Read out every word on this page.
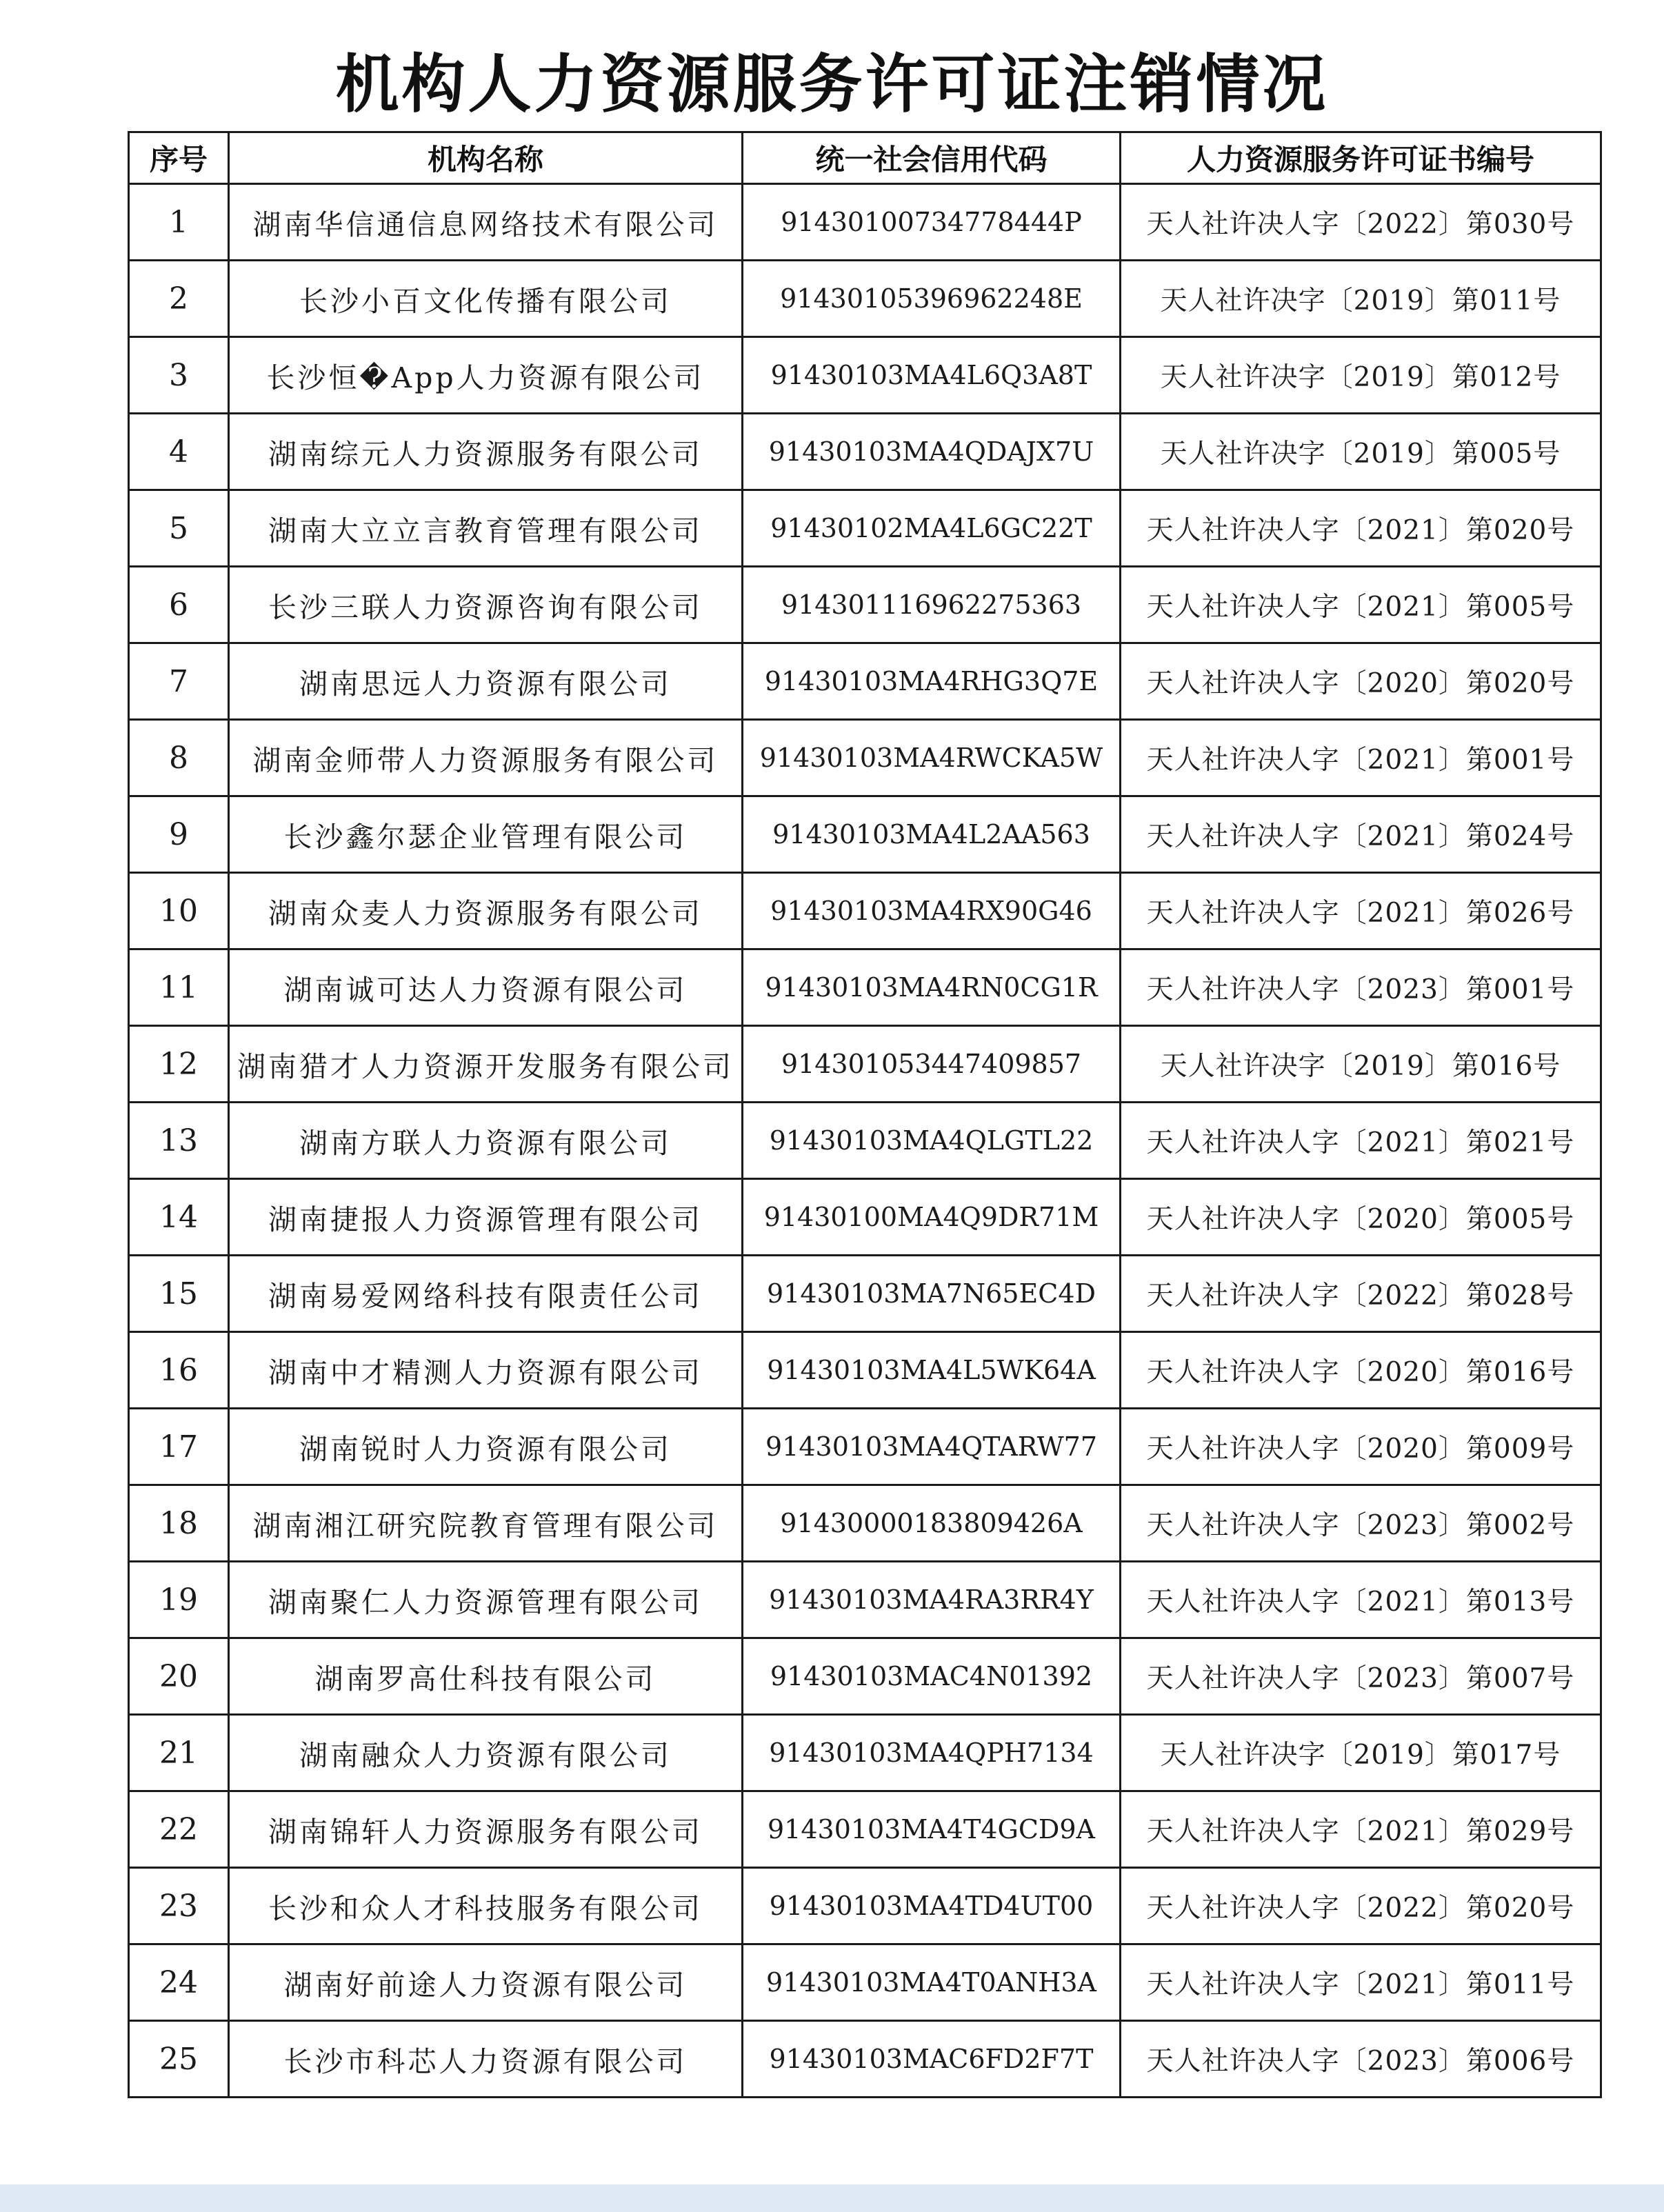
机构人力资源服务许可证注销情况
序号	机构名称	统一社会信用代码	人力资源服务许可证书编号
1	湖南华信通信息网络技术有限公司	91430100734778444P	天人社许决人字〔2022〕第030号
2	长沙小百文化传播有限公司	91430105396962248E	天人社许决字〔2019〕第011号
3	长沙恒�App人力资源有限公司	91430103MA4L6Q3A8T	天人社许决字〔2019〕第012号
4	湖南综元人力资源服务有限公司	91430103MA4QDAJX7U	天人社许决字〔2019〕第005号
5	湖南大立立言教育管理有限公司	91430102MA4L6GC22T	天人社许决人字〔2021〕第020号
6	长沙三联人力资源咨询有限公司	914301116962275363	天人社许决人字〔2021〕第005号
7	湖南思远人力资源有限公司	91430103MA4RHG3Q7E	天人社许决人字〔2020〕第020号
8	湖南金师带人力资源服务有限公司	91430103MA4RWCKA5W	天人社许决人字〔2021〕第001号
9	长沙鑫尔瑟企业管理有限公司	91430103MA4L2AA563	天人社许决人字〔2021〕第024号
10	湖南众麦人力资源服务有限公司	91430103MA4RX90G46	天人社许决人字〔2021〕第026号
11	湖南诚可达人力资源有限公司	91430103MA4RN0CG1R	天人社许决人字〔2023〕第001号
12	湖南猎才人力资源开发服务有限公司	914301053447409857	天人社许决字〔2019〕第016号
13	湖南方联人力资源有限公司	91430103MA4QLGTL22	天人社许决人字〔2021〕第021号
14	湖南捷报人力资源管理有限公司	91430100MA4Q9DR71M	天人社许决人字〔2020〕第005号
15	湖南易爱网络科技有限责任公司	91430103MA7N65EC4D	天人社许决人字〔2022〕第028号
16	湖南中才精测人力资源有限公司	91430103MA4L5WK64A	天人社许决人字〔2020〕第016号
17	湖南锐时人力资源有限公司	91430103MA4QTARW77	天人社许决人字〔2020〕第009号
18	湖南湘江研究院教育管理有限公司	91430000183809426A	天人社许决人字〔2023〕第002号
19	湖南聚仁人力资源管理有限公司	91430103MA4RA3RR4Y	天人社许决人字〔2021〕第013号
20	湖南罗高仕科技有限公司	91430103MAC4N01392	天人社许决人字〔2023〕第007号
21	湖南融众人力资源有限公司	91430103MA4QPH7134	天人社许决字〔2019〕第017号
22	湖南锦轩人力资源服务有限公司	91430103MA4T4GCD9A	天人社许决人字〔2021〕第029号
23	长沙和众人才科技服务有限公司	91430103MA4TD4UT00	天人社许决人字〔2022〕第020号
24	湖南好前途人力资源有限公司	91430103MA4T0ANH3A	天人社许决人字〔2021〕第011号
25	长沙市科芯人力资源有限公司	91430103MAC6FD2F7T	天人社许决人字〔2023〕第006号
